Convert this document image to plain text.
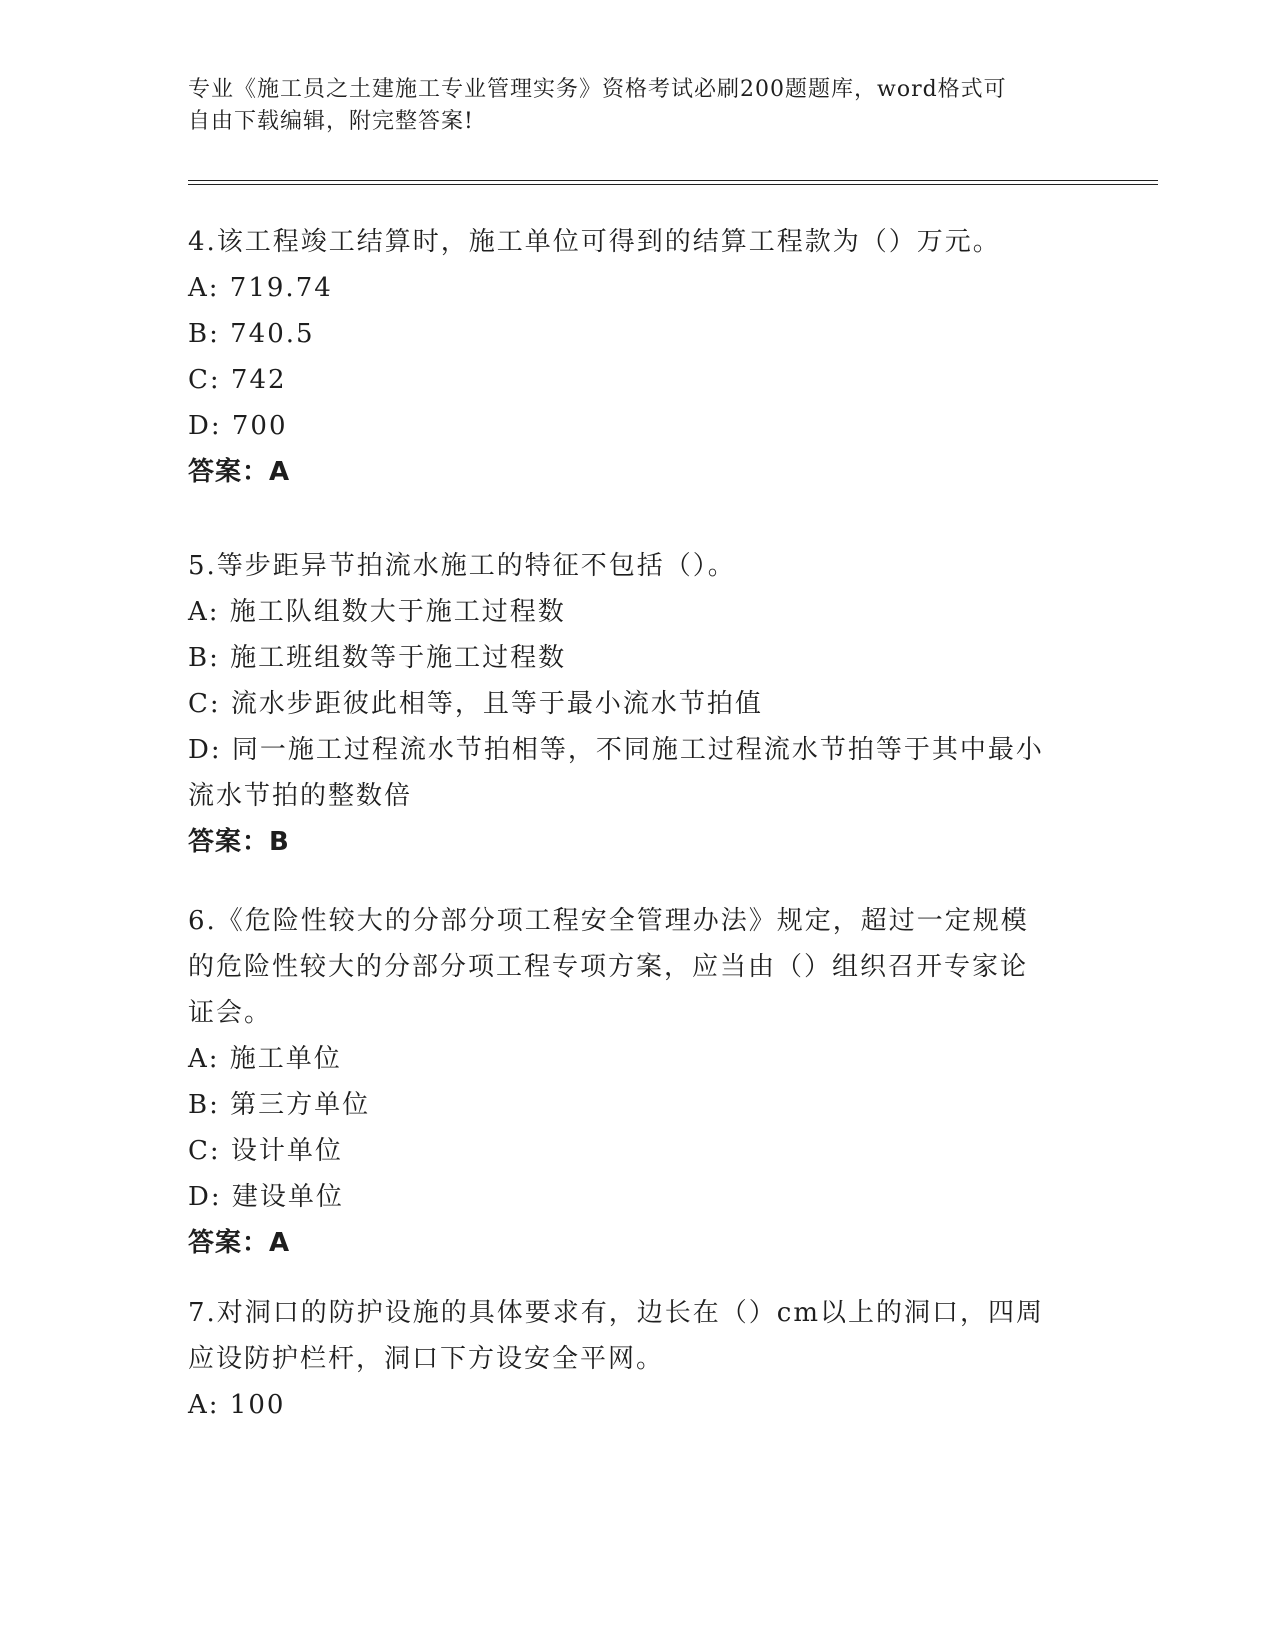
专业《施工员之土建施工专业管理实务》资格考试必刷200题题库，word格式可
自由下载编辑，附完整答案!
4.该工程竣工结算时，施工单位可得到的结算工程款为（）万元。
A: 719.74
B: 740.5
C: 742
D: 700
答案：A
5.等步距异节拍流水施工的特征不包括（）。
A: 施工队组数大于施工过程数
B: 施工班组数等于施工过程数
C: 流水步距彼此相等，且等于最小流水节拍值
D: 同一施工过程流水节拍相等，不同施工过程流水节拍等于其中最小
流水节拍的整数倍
答案：B
6.《危险性较大的分部分项工程安全管理办法》规定，超过一定规模
的危险性较大的分部分项工程专项方案，应当由（）组织召开专家论
证会。
A: 施工单位
B: 第三方单位
C: 设计单位
D: 建设单位
答案：A
7.对洞口的防护设施的具体要求有，边长在（）cm以上的洞口，四周
应设防护栏杆，洞口下方设安全平网。
A: 100
